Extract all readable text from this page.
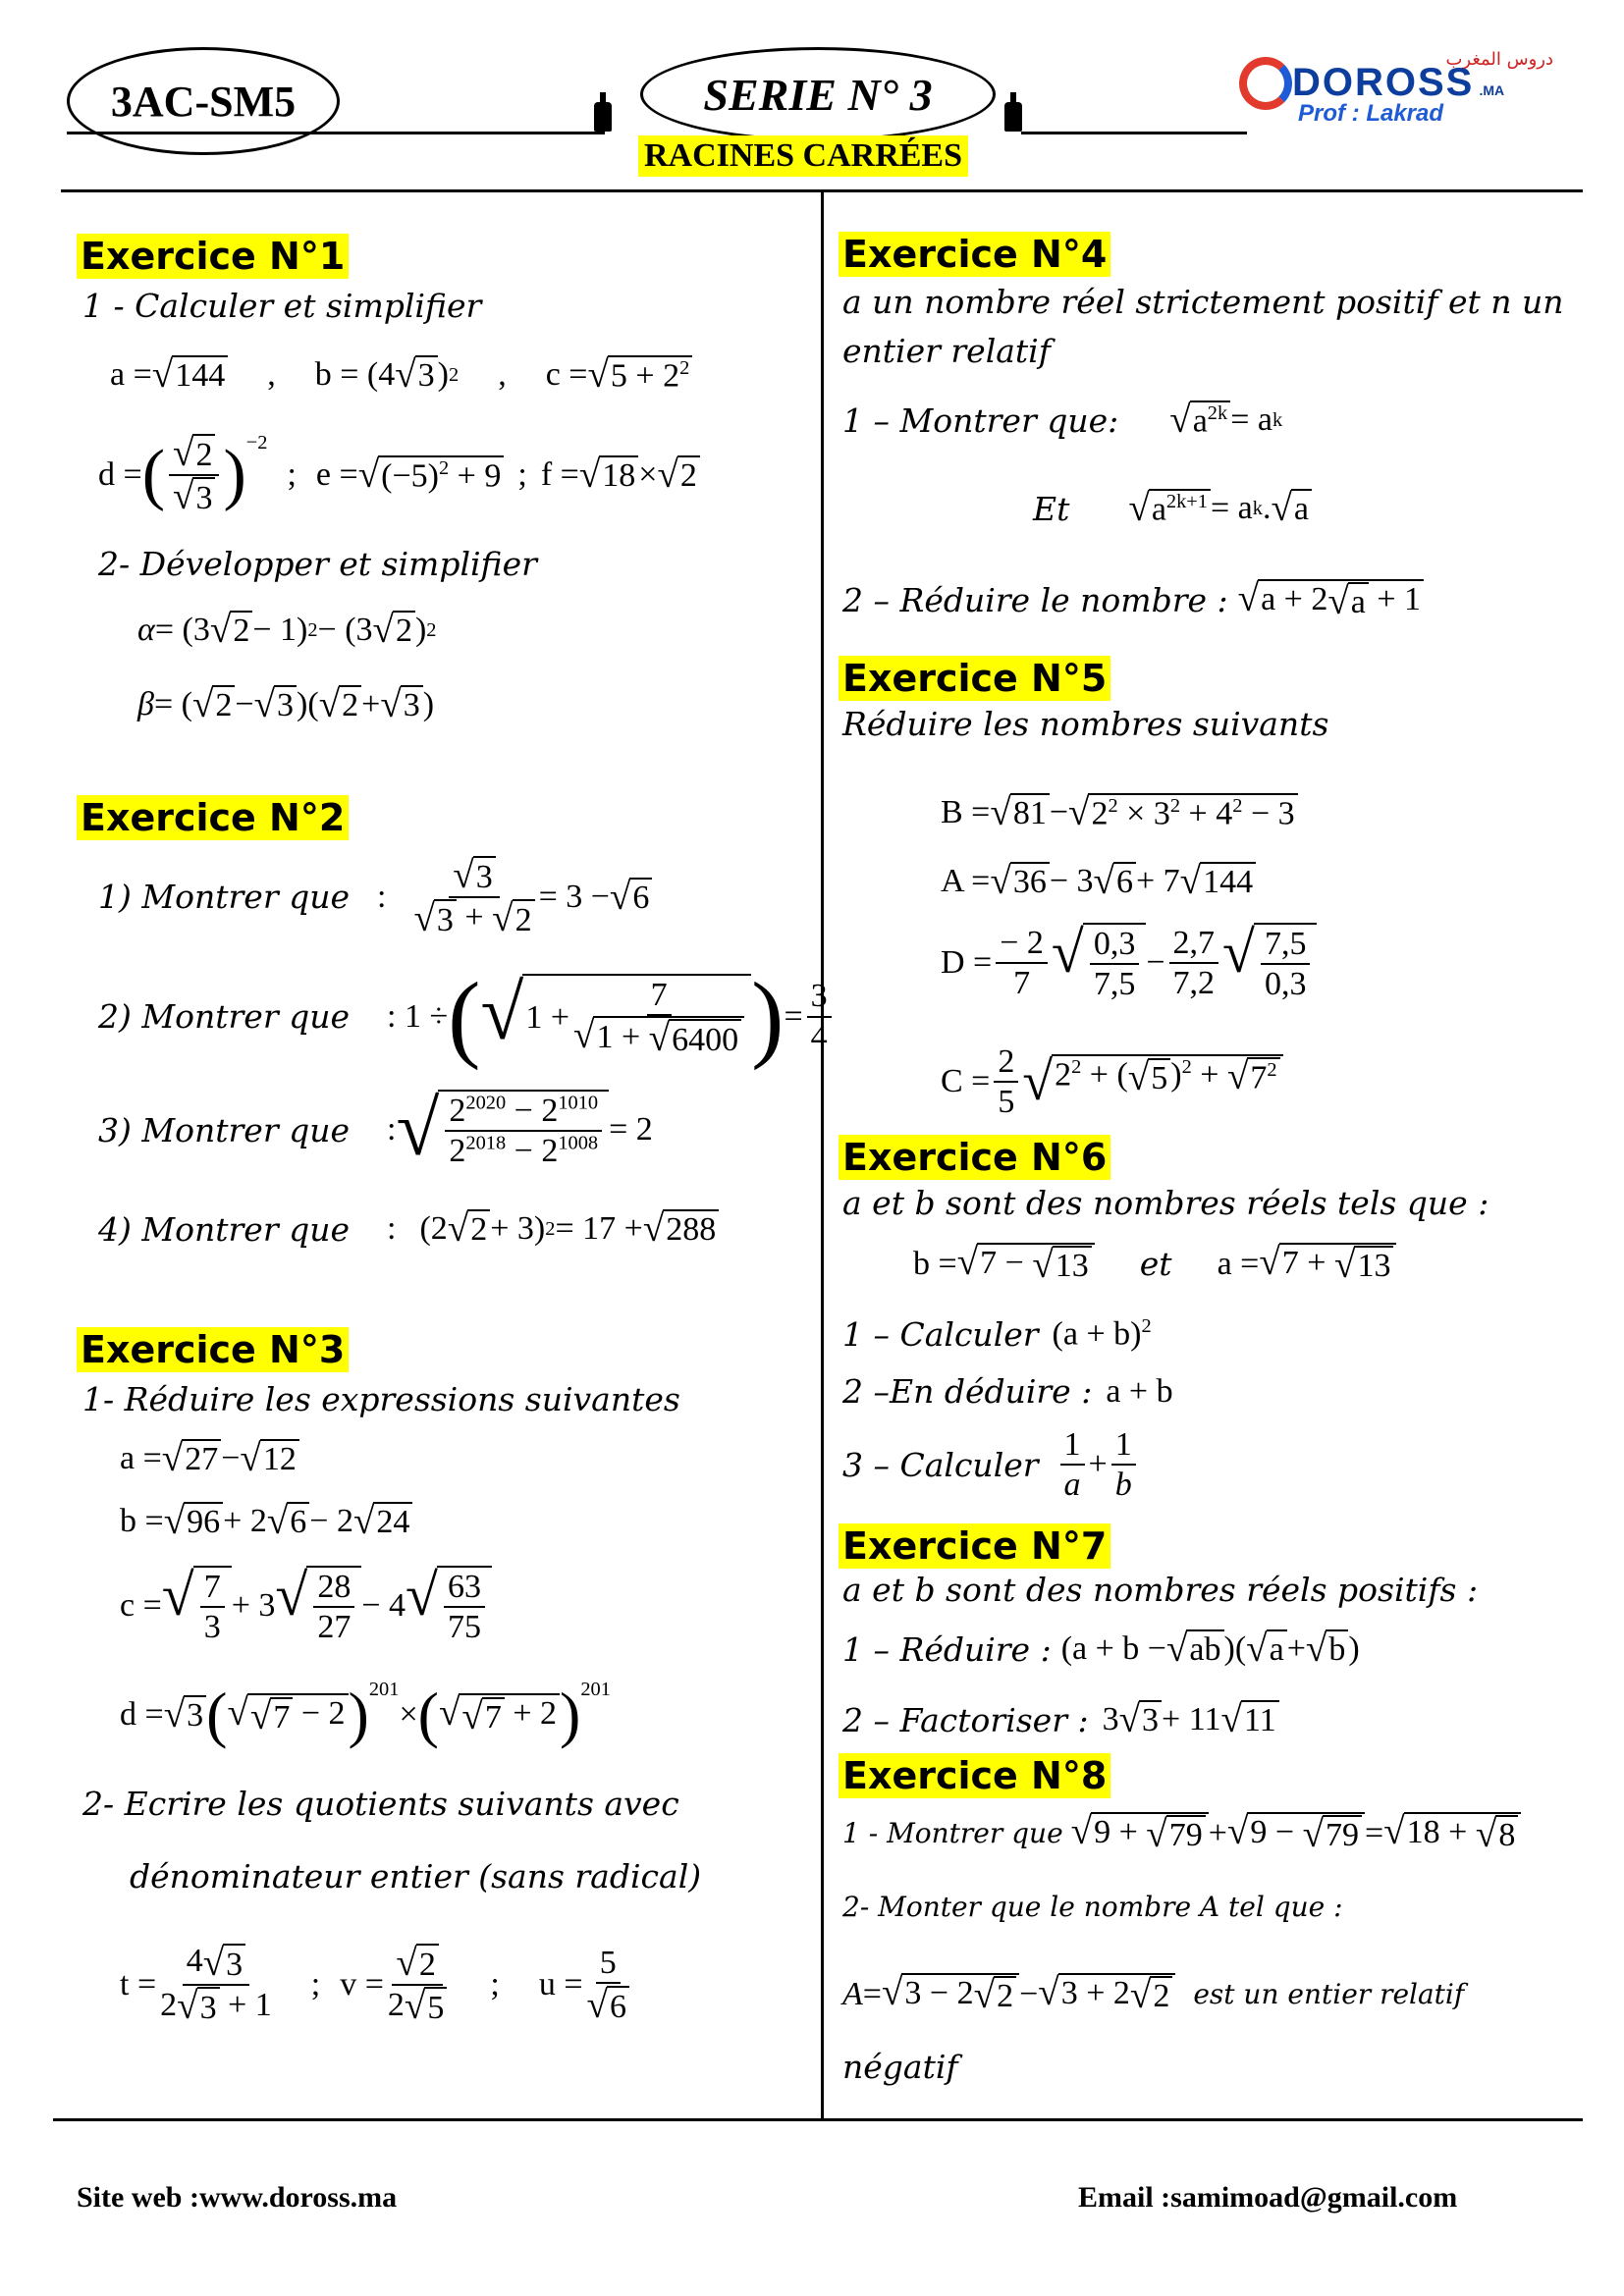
3AC-SM5	SERIE N° 3
RACINES CARRÉES
دروس المغرب
DOROSS .MA
Prof : Lakrad
Exercice N°1
1 - Calculer et simplifier
a = √ 144 , b = (4 √ 3 ) 2 , c = √ $5 + 2^2$
d = ( $\frac{√ 2}{√ 3} )^{-2}$
; e = √ $(-5)^2 + 9$ ; f = √ 18 × √ 2
2- Développer et simplifier
α = (3 √ 2 − 1) 2 − (3 √ 2 ) 2
β = ( √ 2 − √ 3 )( √ 2 + √ 3 )
Exercice N°2
1) Montrer que : $\frac{√ 3}{√ 3 + √ 2} = 3$ − √ 6
2) Montrer que : 1 ÷ ( √ $1 + \frac{7}{√ 1 + √ 6400}$ ) = $\frac{3}{4}$
3) Montrer que : √ $\frac{2^{2020} - 2^{1010}}{2^{2018} - 2^{1008}} = 2$
4) Montrer que : (2 √ 2 + 3) 2 = 17 + √ 288
Exercice N°3
1- Réduire les expressions suivantes
a = √ 27 − √ 12
b = √ 96 + 2 √ 6 − 2 √ 24
c = √ $\frac{7}{3} + 3$ √ $\frac{28}{27} - 4$ √ $\frac{63}{75}$
d = √ 3 ( √ √ 7 − 2 )$^{201}$
× ( √ √ 7 + 2 )$^{201}$
2- Ecrire les quotients suivants avec
dénominateur entier (sans radical)
$t = \frac{4 √ 3}{2 √ 3 + 1}$ ; $v = \frac{√ 2}{2 √ 5}$ ; $u = \frac{5}{√ 6}$
Exercice N°4
a un nombre réel strictement positif et n un
entier relatif
1 – Montrer que: √ $a^{2k} = a$ k
Et √ $a^{2k+1} = a$ k . √ a
2 – Réduire le nombre : √ a + 2 √ a + 1
Exercice N°5
Réduire les nombres suivants
B = √ 81 − √ $2^2 \times 3^2 + 4^2 - 3$
A = √ 36 − 3 √ 6 + 7 √ 144
$D = \frac{- 2}{7}$ √ $\frac{0,3}{7,5} - \frac{2,7}{7,2}$ √ $\frac{7,5}{0,3}$
$C = \frac{2}{5}$ √ $2^2$ + ( √ 5 )$^2$ + √ $7^2$
Exercice N°6
a et b sont des nombres réels tels que :
b = √ 7 − √ 13 et a = √ 7 + √ 13
1 – Calculer $(a + b)^2$
2 –En déduire : a + b
3 – Calculer $\frac{1}{a} + \frac{1}{b}$
Exercice N°7
a et b sont des nombres réels positifs :
1 – Réduire : (a + b − √ ab )( √ a + √ b )
2 – Factoriser : 3 √ 3 + 11 √ 11
Exercice N°8
1 - Montrer que √ 9 + √ 79 + √ 9 − √ 79 = √ 18 + √ 8
2- Monter que le nombre A tel que :
A = √ 3 − 2 √ 2 − √ 3 + 2 √ 2 est un entier relatif
négatif
Site web :www.doross.ma	Email :samimoad@gmail.com
